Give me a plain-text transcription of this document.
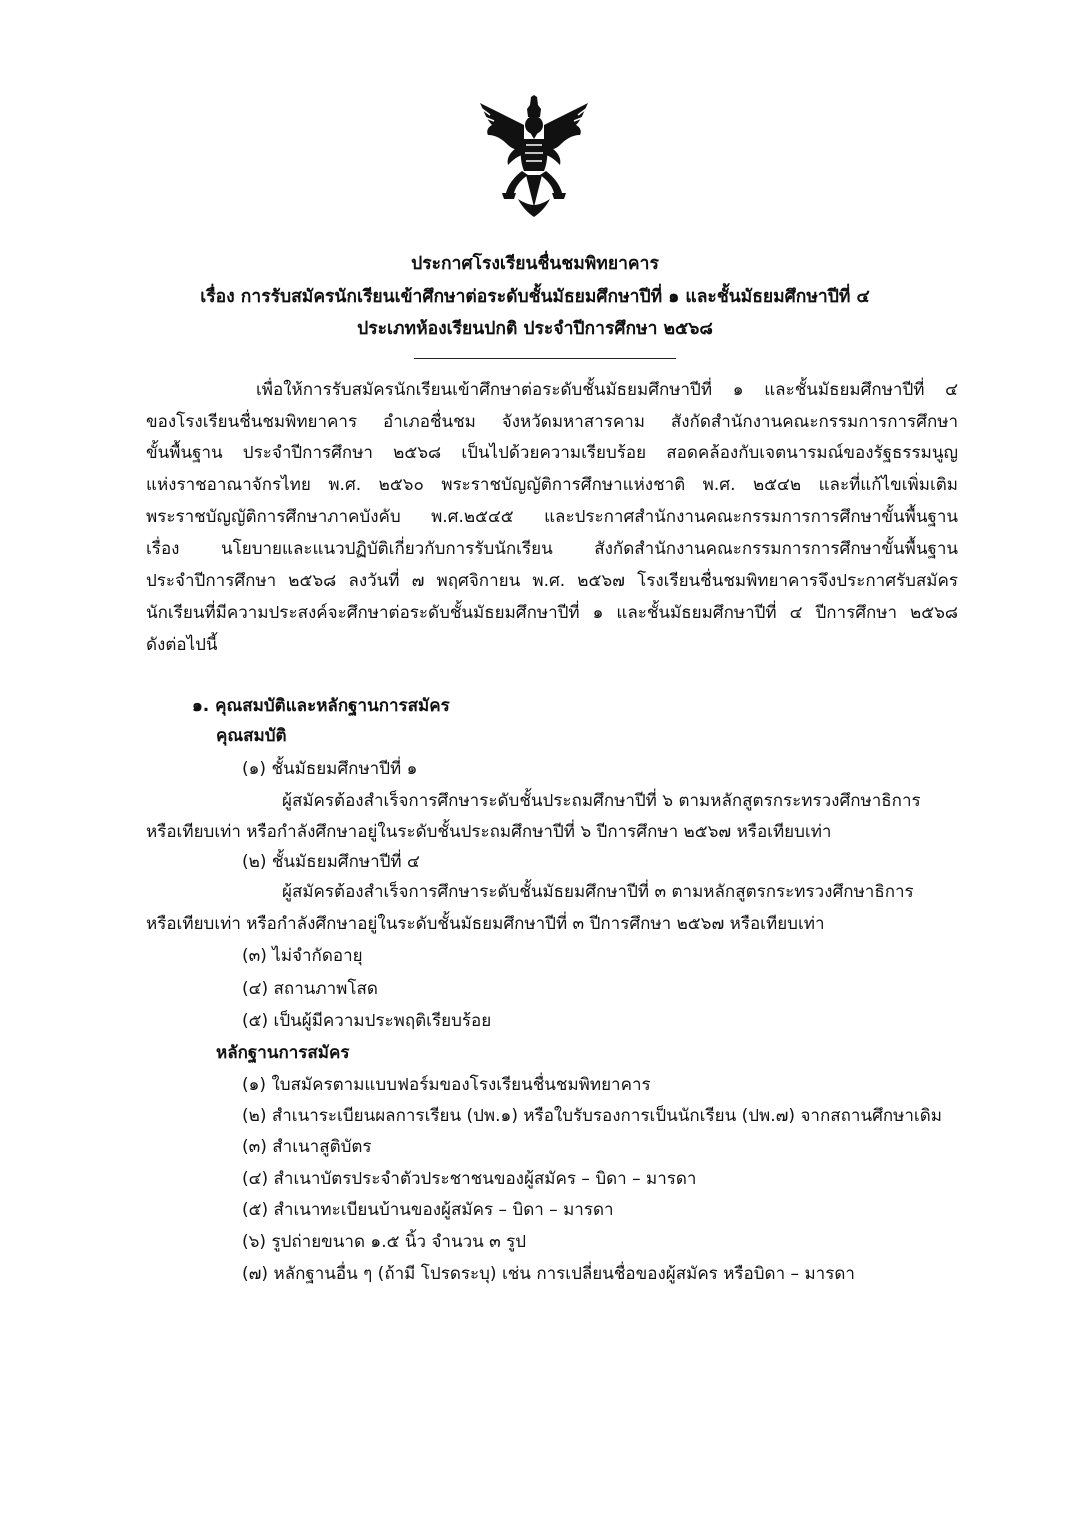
ประกาศโรงเรียนชื่นชมพิทยาคาร
เรื่อง การรับสมัครนักเรียนเข้าศึกษาต่อระดับชั้นมัธยมศึกษาปีที่ ๑ และชั้นมัธยมศึกษาปีที่ ๔
ประเภทห้องเรียนปกติ ประจำปีการศึกษา ๒๕๖๘
เพื่อให้การรับสมัครนักเรียนเข้าศึกษาต่อระดับชั้นมัธยมศึกษาปีที่ ๑ และชั้นมัธยมศึกษาปีที่ ๔
ของโรงเรียนชื่นชมพิทยาคาร อำเภอชื่นชม จังหวัดมหาสารคาม สังกัดสำนักงานคณะกรรมการการศึกษา
ขั้นพื้นฐาน ประจำปีการศึกษา ๒๕๖๘ เป็นไปด้วยความเรียบร้อย สอดคล้องกับเจตนารมณ์ของรัฐธรรมนูญ
แห่งราชอาณาจักรไทย พ.ศ. ๒๕๖๐ พระราชบัญญัติการศึกษาแห่งชาติ พ.ศ. ๒๕๔๒ และที่แก้ไขเพิ่มเติม
พระราชบัญญัติการศึกษาภาคบังคับ พ.ศ.๒๕๔๕ และประกาศสำนักงานคณะกรรมการการศึกษาขั้นพื้นฐาน
เรื่อง นโยบายและแนวปฏิบัติเกี่ยวกับการรับนักเรียน สังกัดสำนักงานคณะกรรมการการศึกษาขั้นพื้นฐาน
ประจำปีการศึกษา ๒๕๖๘ ลงวันที่ ๗ พฤศจิกายน พ.ศ. ๒๕๖๗ โรงเรียนชื่นชมพิทยาคารจึงประกาศรับสมัคร
นักเรียนที่มีความประสงค์จะศึกษาต่อระดับชั้นมัธยมศึกษาปีที่ ๑ และชั้นมัธยมศึกษาปีที่ ๔ ปีการศึกษา ๒๕๖๘
ดังต่อไปนี้
๑. คุณสมบัติและหลักฐานการสมัคร
คุณสมบัติ
(๑) ชั้นมัธยมศึกษาปีที่ ๑
ผู้สมัครต้องสำเร็จการศึกษาระดับชั้นประถมศึกษาปีที่ ๖ ตามหลักสูตรกระทรวงศึกษาธิการ
หรือเทียบเท่า หรือกำลังศึกษาอยู่ในระดับชั้นประถมศึกษาปีที่ ๖ ปีการศึกษา ๒๕๖๗ หรือเทียบเท่า
(๒) ชั้นมัธยมศึกษาปีที่ ๔
ผู้สมัครต้องสำเร็จการศึกษาระดับชั้นมัธยมศึกษาปีที่ ๓ ตามหลักสูตรกระทรวงศึกษาธิการ
หรือเทียบเท่า หรือกำลังศึกษาอยู่ในระดับชั้นมัธยมศึกษาปีที่ ๓ ปีการศึกษา ๒๕๖๗ หรือเทียบเท่า
(๓) ไม่จำกัดอายุ
(๔) สถานภาพโสด
(๕) เป็นผู้มีความประพฤติเรียบร้อย
หลักฐานการสมัคร
(๑) ใบสมัครตามแบบฟอร์มของโรงเรียนชื่นชมพิทยาคาร
(๒) สำเนาระเบียนผลการเรียน (ปพ.๑) หรือใบรับรองการเป็นนักเรียน (ปพ.๗) จากสถานศึกษาเดิม
(๓) สำเนาสูติบัตร
(๔) สำเนาบัตรประจำตัวประชาชนของผู้สมัคร – บิดา – มารดา
(๕) สำเนาทะเบียนบ้านของผู้สมัคร – บิดา – มารดา
(๖) รูปถ่ายขนาด ๑.๕ นิ้ว จำนวน ๓ รูป
(๗) หลักฐานอื่น ๆ (ถ้ามี โปรดระบุ) เช่น การเปลี่ยนชื่อของผู้สมัคร หรือบิดา – มารดา
